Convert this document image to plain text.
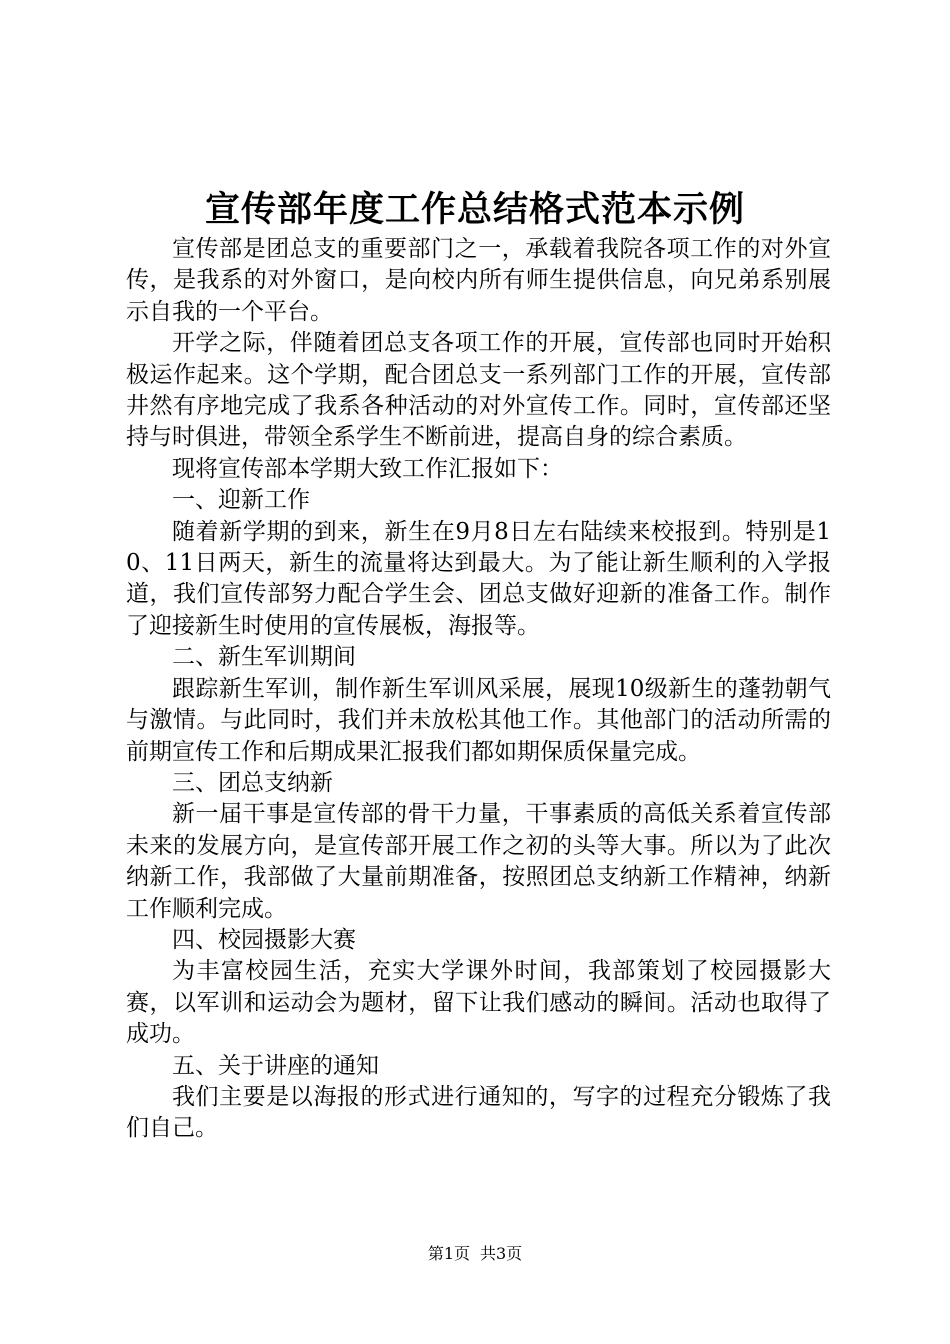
宣传部年度工作总结格式范本示例

宣传部是团总支的重要部门之一，承载着我院各项工作的对外宣传，是我系的对外窗口，是向校内所有师生提供信息，向兄弟系别展示自我的一个平台。

开学之际，伴随着团总支各项工作的开展，宣传部也同时开始积极运作起来。这个学期，配合团总支一系列部门工作的开展，宣传部井然有序地完成了我系各种活动的对外宣传工作。同时，宣传部还坚持与时俱进，带领全系学生不断前进，提高自身的综合素质。

现将宣传部本学期大致工作汇报如下：

一、迎新工作

随着新学期的到来，新生在9月8日左右陆续来校报到。特别是10、11日两天，新生的流量将达到最大。为了能让新生顺利的入学报道，我们宣传部努力配合学生会、团总支做好迎新的准备工作。制作了迎接新生时使用的宣传展板，海报等。

二、新生军训期间

跟踪新生军训，制作新生军训风采展，展现10级新生的蓬勃朝气与激情。与此同时，我们并未放松其他工作。其他部门的活动所需的前期宣传工作和后期成果汇报我们都如期保质保量完成。

三、团总支纳新

新一届干事是宣传部的骨干力量，干事素质的高低关系着宣传部未来的发展方向，是宣传部开展工作之初的头等大事。所以为了此次纳新工作，我部做了大量前期准备，按照团总支纳新工作精神，纳新工作顺利完成。

四、校园摄影大赛

为丰富校园生活，充实大学课外时间，我部策划了校园摄影大赛，以军训和运动会为题材，留下让我们感动的瞬间。活动也取得了成功。

五、关于讲座的通知

我们主要是以海报的形式进行通知的，写字的过程充分锻炼了我们自己。

第1页 共3页
